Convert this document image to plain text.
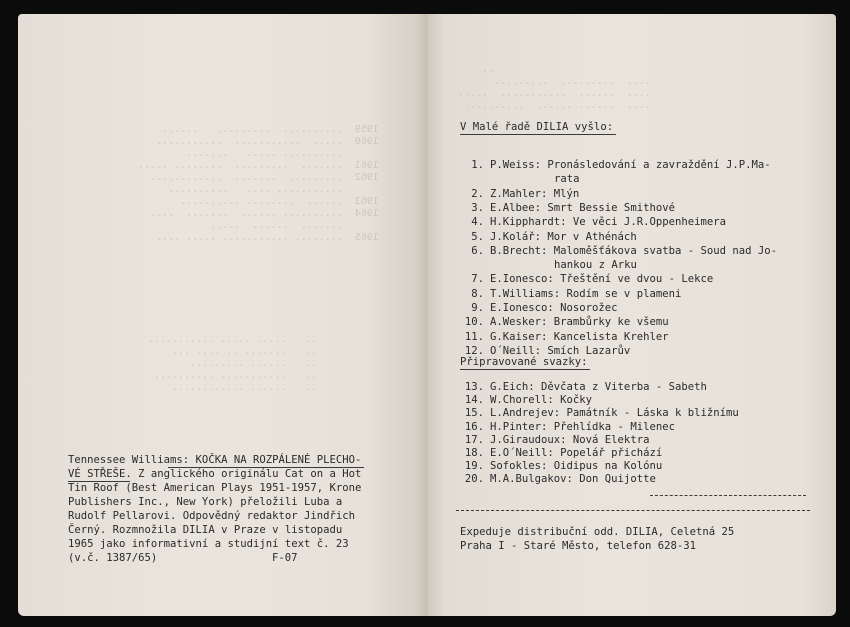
1959  ..........  .........   ......
1960  .....  ...........  ...........
.......... .....   .......
1961  .......  .........  ........ .....
1962  .........  .......  ............
........... ....   ..........
1963  ......  ........ ..........
1964  .......... ......  .......  ....
.......  ......  .....
1965  ........ ........... ..... ....
..   ..... ..... ...........
..   ....... .. .... ...
..   ...... .........
..   ........... ..........
..   ...... ............
Tennessee Williams: KOČKA NA ROZPÁLENÉ PLECHO-
VÉ STŘEŠE. Z anglického originálu Cat on a Hot
Tin Roof (Best American Plays 1951-1957, Krone
Publishers Inc., New York) přeložili Luba a
Rudolf Pellarovi. Odpovědný redaktor Jindřich
Černý. Rozmnožila DILIA v Praze v listopadu
1965 jako informativní a studijní text č. 23
(v.č. 1387/65)	F-07
..
....  .........  .........
....  ......  ...........  .....
....  ...... ......  ..........
V Malé řadě DILIA vyšlo:
1. P.Weiss: Pronásledování a zavraždění J.P.Ma-
rata
2. Z.Mahler: Mlýn
3. E.Albee: Smrt Bessie Smithové
4. H.Kipphardt: Ve věci J.R.Oppenheimera
5. J.Kolář: Mor v Athénách
6. B.Brecht: Maloměšťákova svatba - Soud nad Jo-
hankou z Arku
7. E.Ionesco: Třeštění ve dvou - Lekce
8. T.Williams: Rodím se v plameni
9. E.Ionesco: Nosorožec
10. A.Wesker: Brambůrky ke všemu
11. G.Kaiser: Kancelista Krehler
12. O´Neill: Smích Lazarův
Připravované svazky:
13. G.Eich: Děvčata z Viterba - Sabeth
14. W.Chorell: Kočky
15. L.Andrejev: Památník - Láska k bližnímu
16. H.Pinter: Přehlídka - Milenec
17. J.Giraudoux: Nová Elektra
18. E.O´Neill: Popelář přichází
19. Sofokles: Oidipus na Kolónu
20. M.A.Bulgakov: Don Quijotte
Expeduje distribuční odd. DILIA, Celetná 25
Praha I - Staré Město, telefon 628-31
